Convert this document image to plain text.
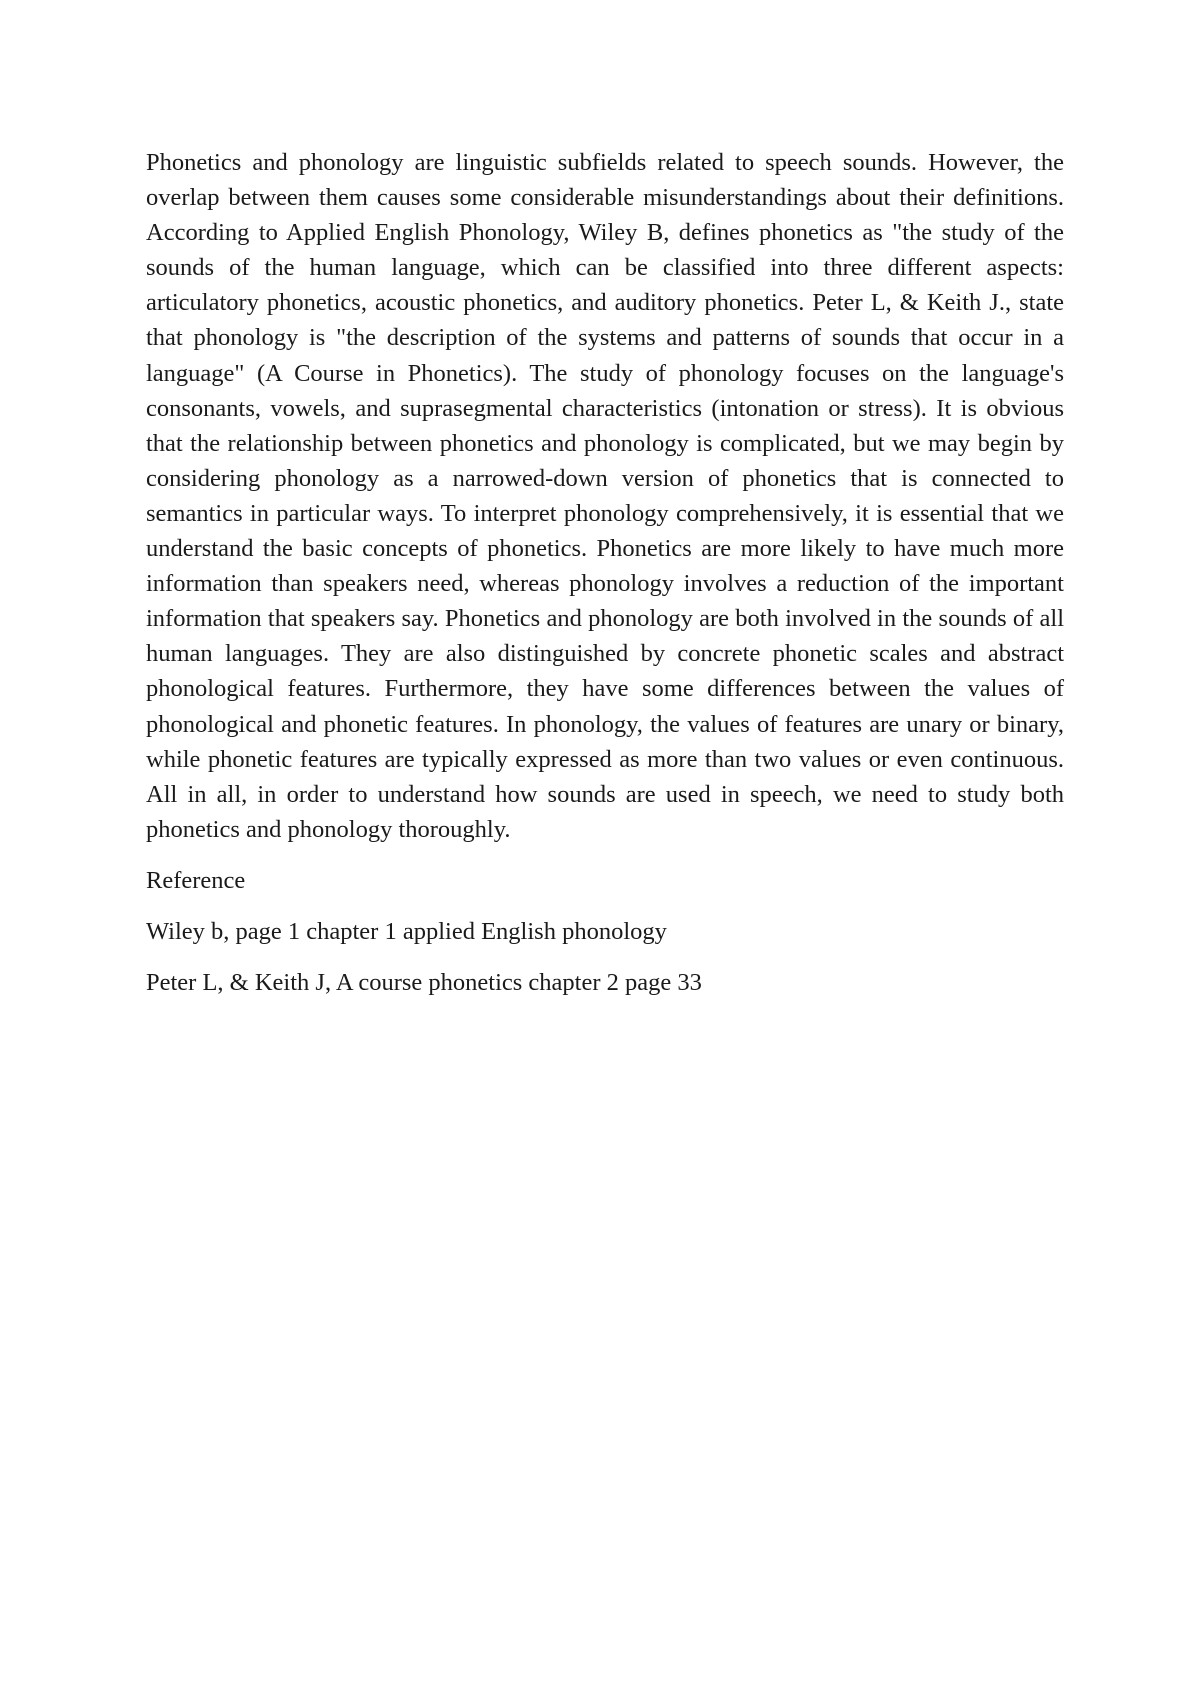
Phonetics and phonology are linguistic subfields related to speech sounds. However, the overlap between them causes some considerable misunderstandings about their definitions. According to Applied English Phonology, Wiley B, defines phonetics as "the study of the sounds of the human language, which can be classified into three different aspects: articulatory phonetics, acoustic phonetics, and auditory phonetics. Peter L, & Keith J., state that phonology is "the description of the systems and patterns of sounds that occur in a language" (A Course in Phonetics). The study of phonology focuses on the language's consonants, vowels, and suprasegmental characteristics (intonation or stress). It is obvious that the relationship between phonetics and phonology is complicated, but we may begin by considering phonology as a narrowed-down version of phonetics that is connected to semantics in particular ways. To interpret phonology comprehensively, it is essential that we understand the basic concepts of phonetics. Phonetics are more likely to have much more information than speakers need, whereas phonology involves a reduction of the important information that speakers say. Phonetics and phonology are both involved in the sounds of all human languages. They are also distinguished by concrete phonetic scales and abstract phonological features. Furthermore, they have some differences between the values of phonological and phonetic features. In phonology, the values of features are unary or binary, while phonetic features are typically expressed as more than two values or even continuous. All in all, in order to understand how sounds are used in speech, we need to study both phonetics and phonology thoroughly.

Reference

Wiley b, page 1 chapter 1 applied English phonology

Peter L, & Keith J, A course phonetics chapter 2 page 33
